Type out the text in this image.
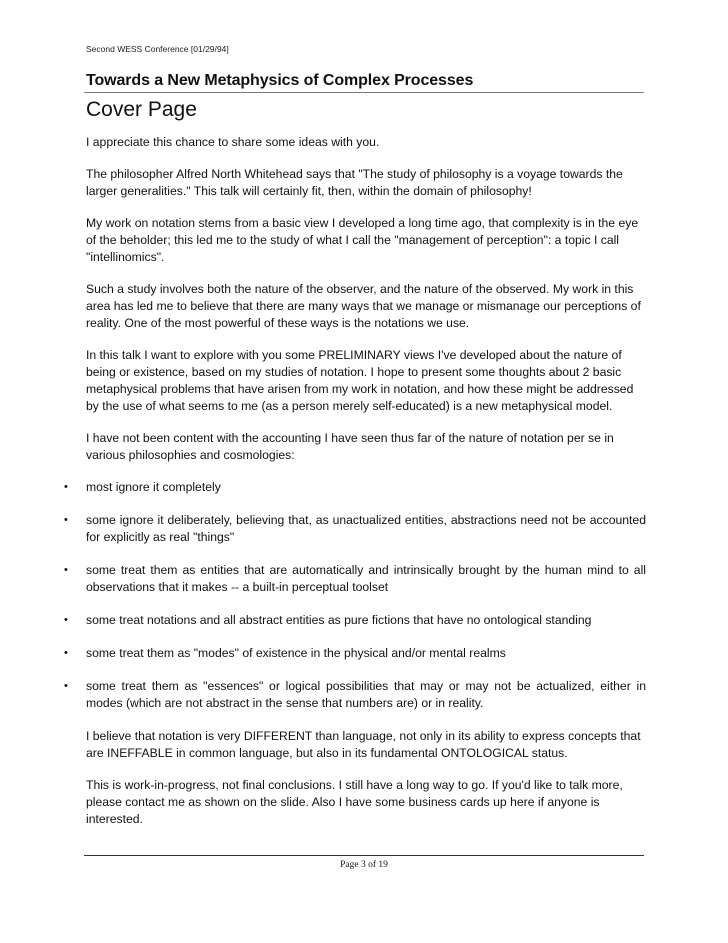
Second WESS Conference [01/29/94]
Towards a New Metaphysics of Complex Processes
Cover Page

I appreciate this chance to share some ideas with you.

The philosopher Alfred North Whitehead says that "The study of philosophy is a voyage towards the larger generalities." This talk will certainly fit, then, within the domain of philosophy!

My work on notation stems from a basic view I developed a long time ago, that complexity is in the eye of the beholder; this led me to the study of what I call the "management of perception": a topic I call "intellinomics".

Such a study involves both the nature of the observer, and the nature of the observed. My work in this area has led me to believe that there are many ways that we manage or mismanage our perceptions of reality. One of the most powerful of these ways is the notations we use.

In this talk I want to explore with you some PRELIMINARY views I've developed about the nature of being or existence, based on my studies of notation. I hope to present some thoughts about 2 basic metaphysical problems that have arisen from my work in notation, and how these might be addressed by the use of what seems to me (as a person merely self-educated) is a new metaphysical model.

I have not been content with the accounting I have seen thus far of the nature of notation per se in various philosophies and cosmologies:

• most ignore it completely
• some ignore it deliberately, believing that, as unactualized entities, abstractions need not be accounted for explicitly as real "things"
• some treat them as entities that are automatically and intrinsically brought by the human mind to all observations that it makes -- a built-in perceptual toolset
• some treat notations and all abstract entities as pure fictions that have no ontological standing
• some treat them as "modes" of existence in the physical and/or mental realms
• some treat them as "essences" or logical possibilities that may or may not be actualized, either in modes (which are not abstract in the sense that numbers are) or in reality.

I believe that notation is very DIFFERENT than language, not only in its ability to express concepts that are INEFFABLE in common language, but also in its fundamental ONTOLOGICAL status.

This is work-in-progress, not final conclusions. I still have a long way to go. If you'd like to talk more, please contact me as shown on the slide. Also I have some business cards up here if anyone is interested.

Page 3 of 19
